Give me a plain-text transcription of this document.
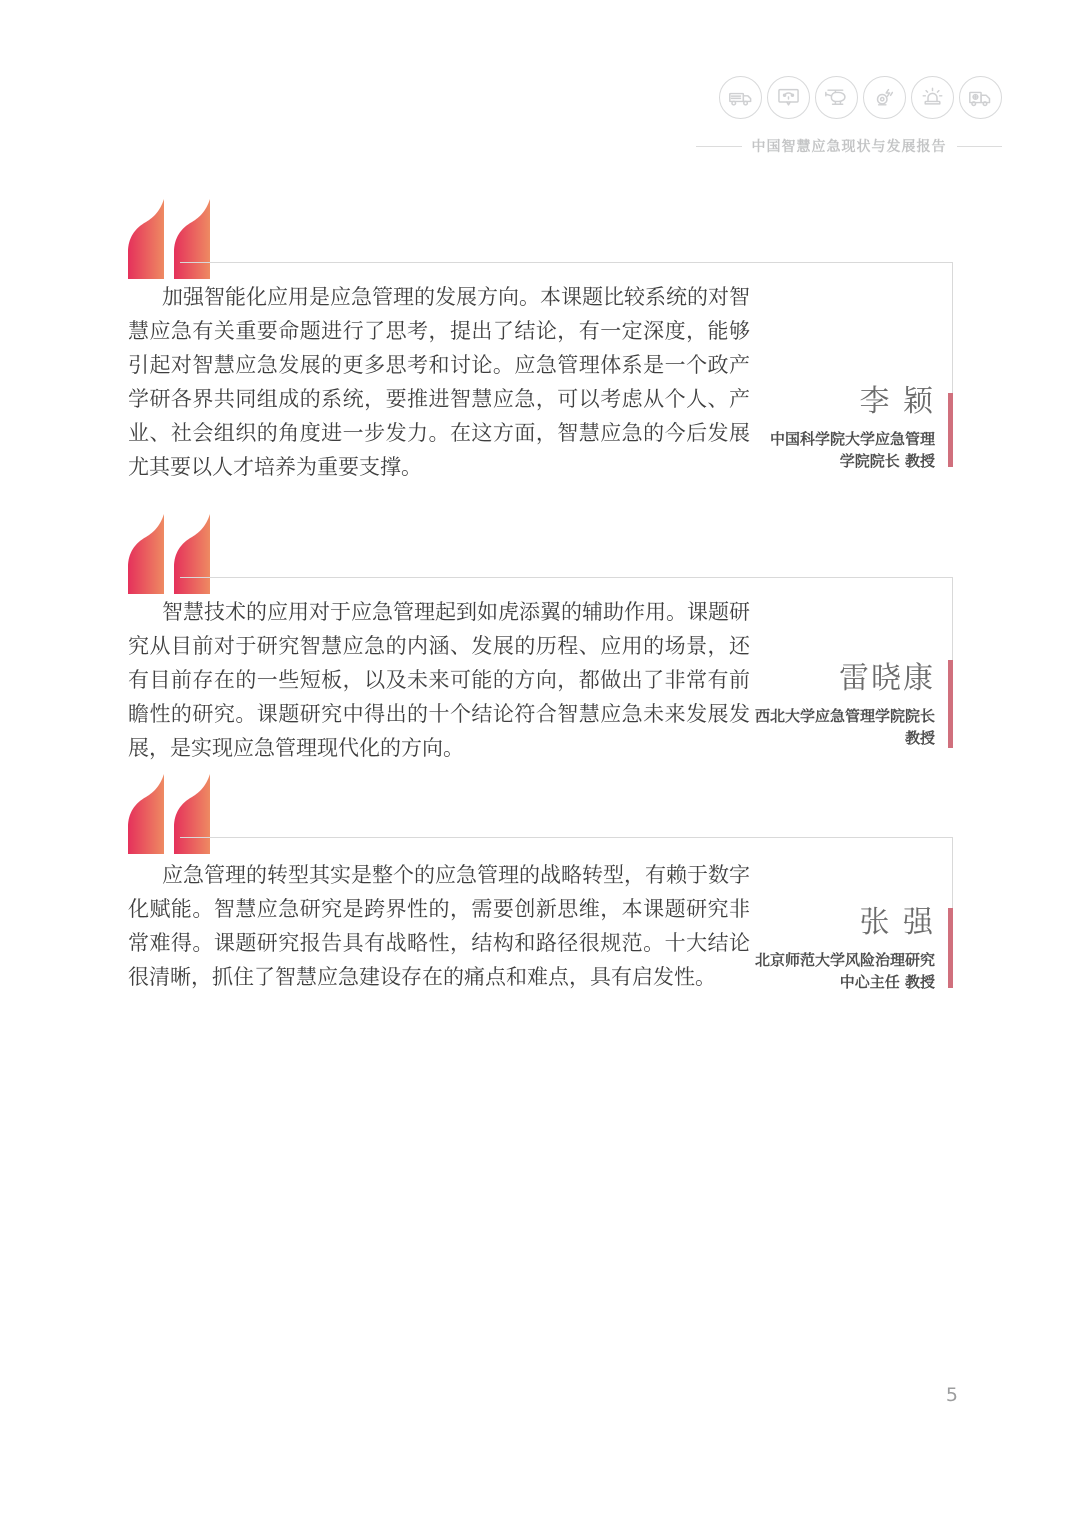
中国智慧应急现状与发展报告

加强智能化应用是应急管理的发展方向。本课题比较系统的对智慧应急有关重要命题进行了思考，提出了结论，有一定深度，能够引起对智慧应急发展的更多思考和讨论。应急管理体系是一个政产学研各界共同组成的系统，要推进智慧应急，可以考虑从个人、产业、社会组织的角度进一步发力。在这方面，智慧应急的今后发展尤其要以人才培养为重要支撑。

李 颖
中国科学院大学应急管理
学院院长 教授

智慧技术的应用对于应急管理起到如虎添翼的辅助作用。课题研究从目前对于研究智慧应急的内涵、发展的历程、应用的场景，还有目前存在的一些短板，以及未来可能的方向，都做出了非常有前瞻性的研究。课题研究中得出的十个结论符合智慧应急未来发展发展，是实现应急管理现代化的方向。

雷晓康
西北大学应急管理学院院长
教授

应急管理的转型其实是整个的应急管理的战略转型，有赖于数字化赋能。智慧应急研究是跨界性的，需要创新思维，本课题研究非常难得。课题研究报告具有战略性，结构和路径很规范。十大结论很清晰，抓住了智慧应急建设存在的痛点和难点，具有启发性。

张 强
北京师范大学风险治理研究
中心主任 教授
5
